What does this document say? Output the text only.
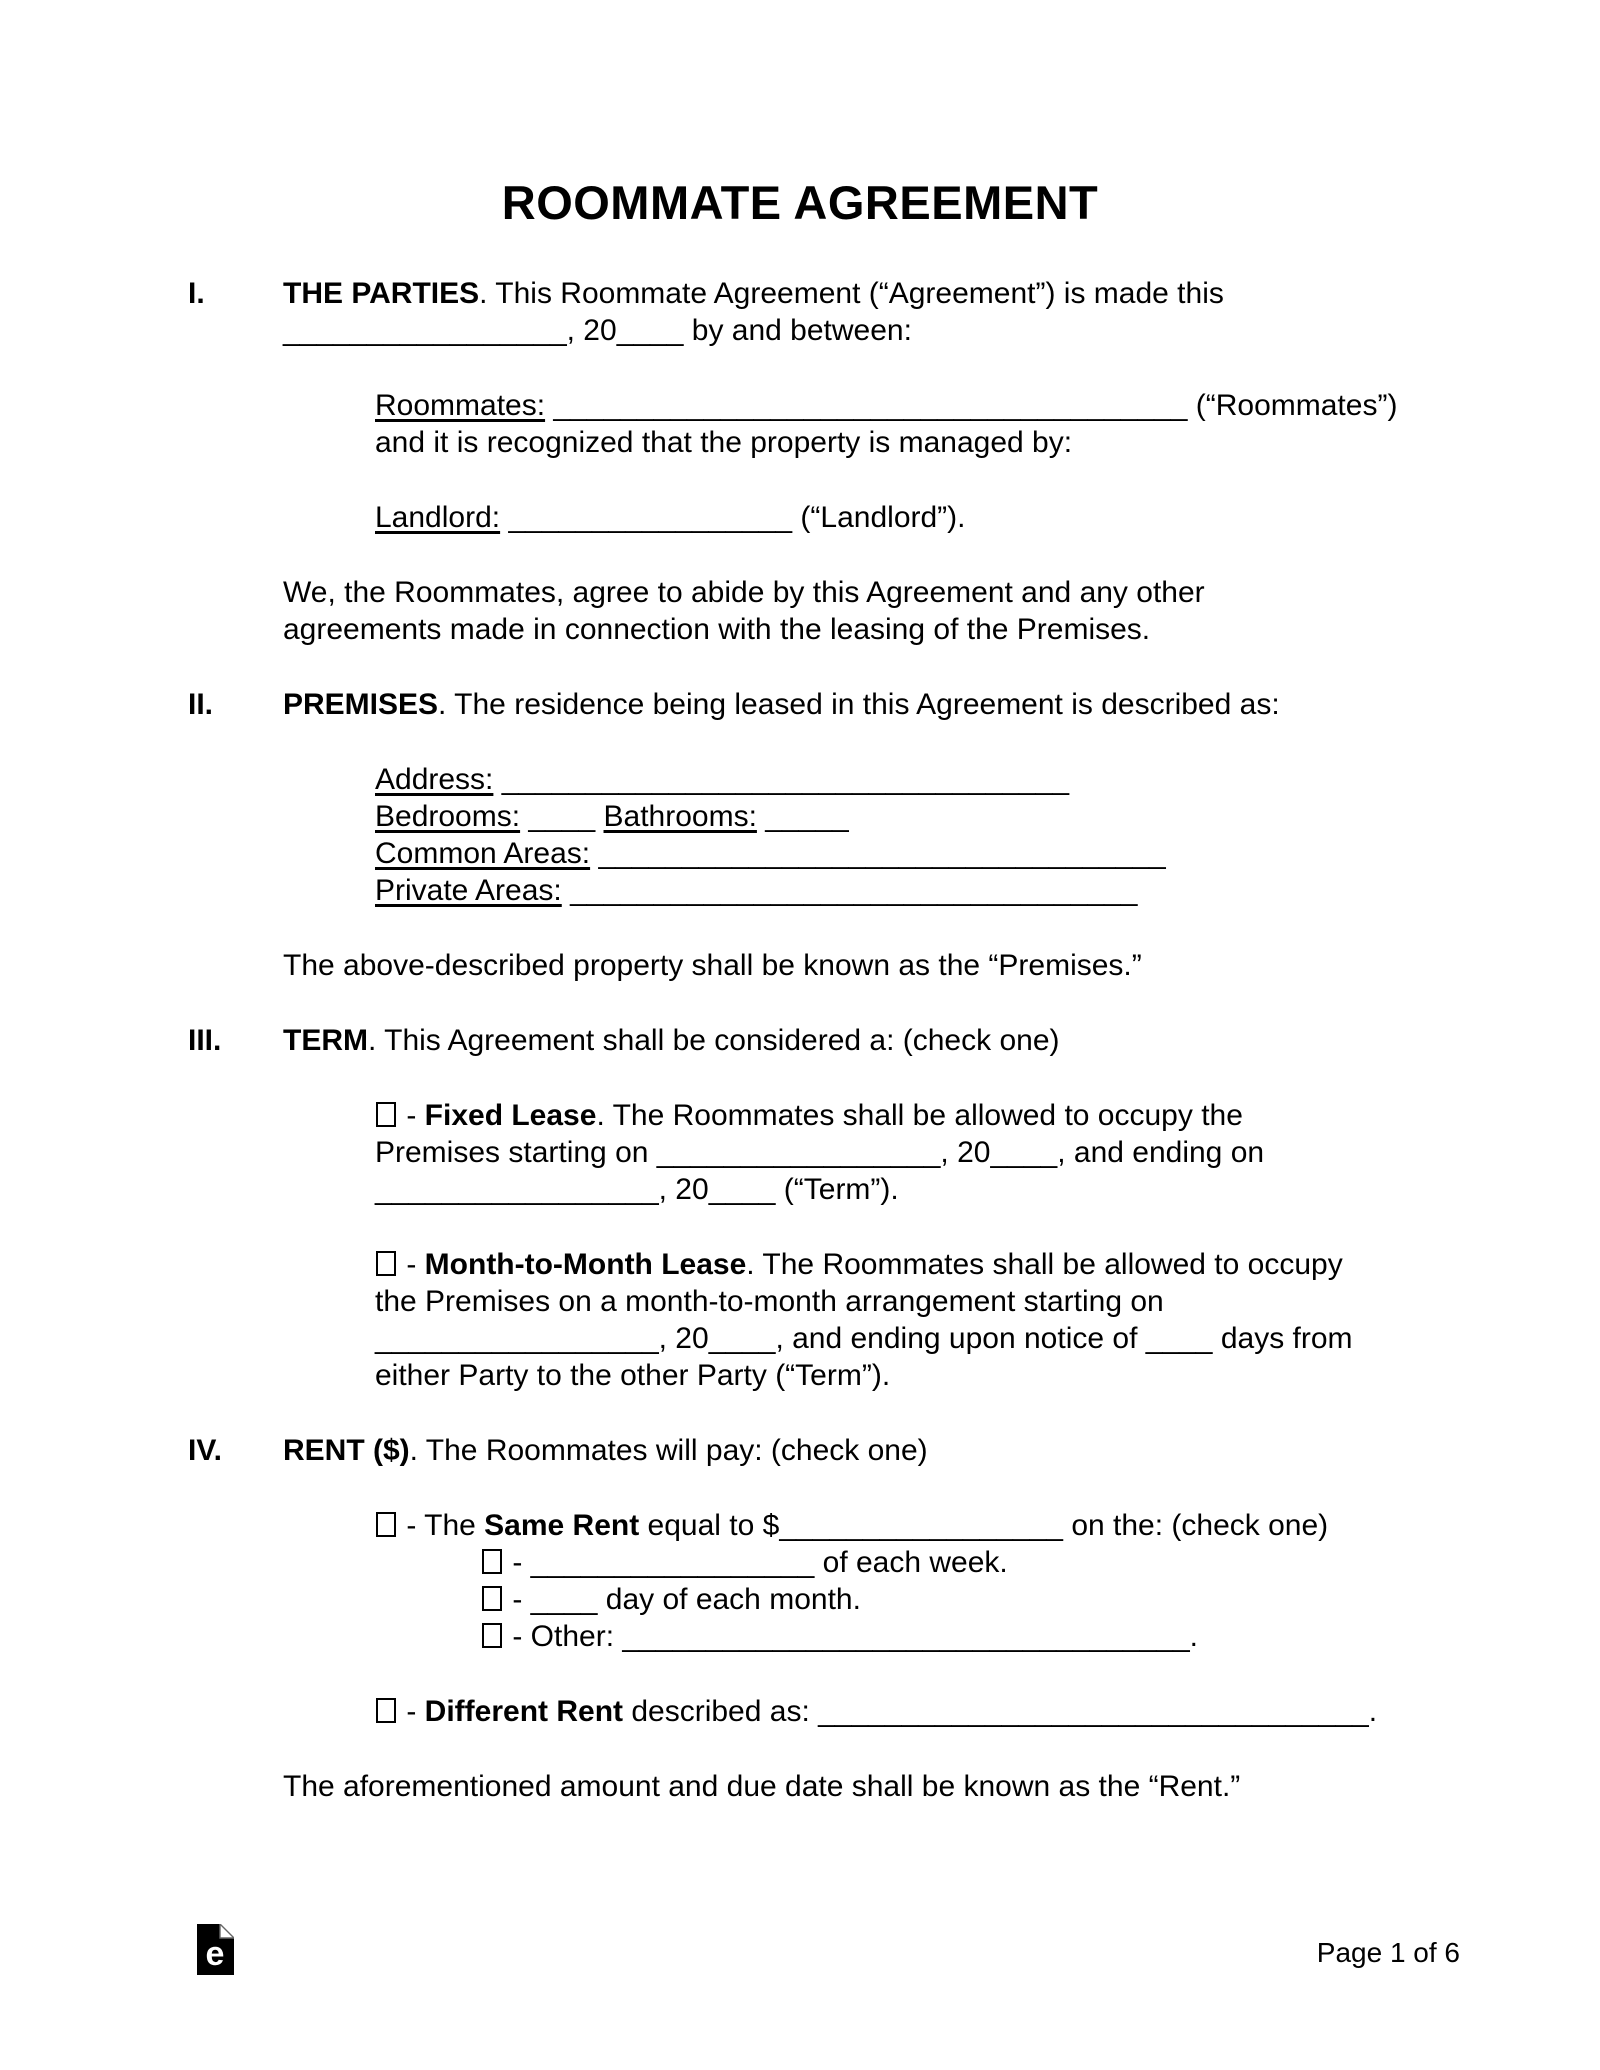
ROOMMATE AGREEMENT
I.	THE PARTIES. This Roommate Agreement (“Agreement”) is made this
_________________, 20____ by and between:
Roommates: ______________________________________ (“Roommates”)
and it is recognized that the property is managed by:
Landlord: _________________ (“Landlord”).
We, the Roommates, agree to abide by this Agreement and any other
agreements made in connection with the leasing of the Premises.
II.	PREMISES. The residence being leased in this Agreement is described as:
Address: __________________________________
Bedrooms: ____ Bathrooms: _____
Common Areas: __________________________________
Private Areas: __________________________________
The above-described property shall be known as the “Premises.”
III.	TERM. This Agreement shall be considered a: (check one)
- Fixed Lease. The Roommates shall be allowed to occupy the
Premises starting on _________________, 20____, and ending on
_________________, 20____ (“Term”).
- Month-to-Month Lease. The Roommates shall be allowed to occupy
the Premises on a month-to-month arrangement starting on
_________________, 20____, and ending upon notice of ____ days from
either Party to the other Party (“Term”).
IV.	RENT ($). The Roommates will pay: (check one)
- The Same Rent equal to $_________________ on the: (check one)
- _________________ of each week.
- ____ day of each month.
- Other: __________________________________.
- Different Rent described as: _________________________________.
The aforementioned amount and due date shall be known as the “Rent.”
e	Page 1 of 6
